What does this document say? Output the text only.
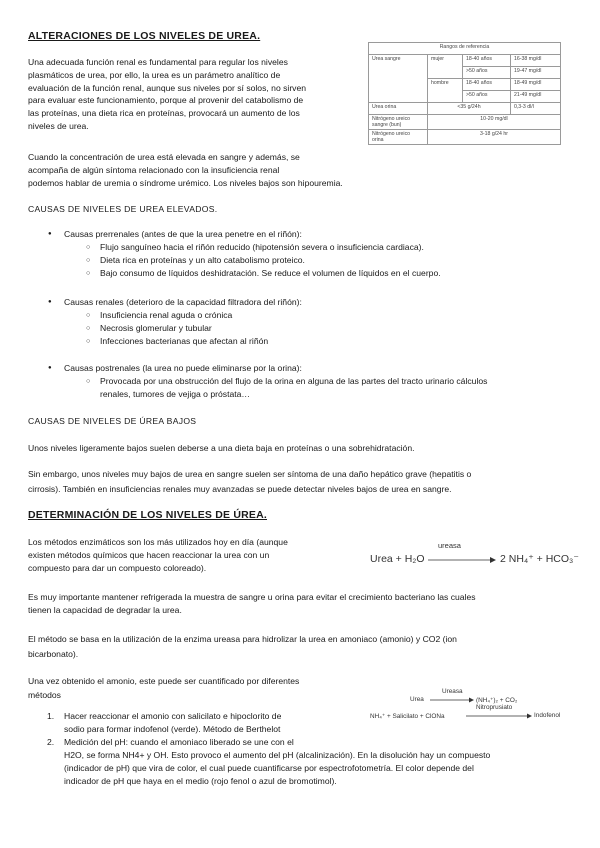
ALTERACIONES DE LOS NIVELES DE UREA.

Una adecuada función renal es fundamental para regular los niveles

plasmáticos de urea, por ello, la urea es un parámetro analítico de

evaluación de la función renal, aunque sus niveles por sí solos, no sirven

para evaluar este funcionamiento, porque al provenir del catabolismo de

las proteínas, una dieta rica en proteínas, provocará un aumento de los

niveles de urea.

Rangos de referencia			
Urea sangre	mujer	18-40 años	16-38 mg/dl
		>50 años	19-47 mg/dl
	hombre	18-40 años	18-49 mg/dl
		>50 años	21-49 mg/dl
Urea orina	<35 g/24h		0,3-3 dl/l
Nitrógeno ureico
sangre (bun)	10-20 mg/dl		
Nitrógeno ureico
orina	3-18 g/24 hr		

Cuando la concentración de urea está elevada en sangre y además, se

acompaña de algún síntoma relacionado con la insuficiencia renal

podemos hablar de uremia o síndrome urémico. Los niveles bajos son hipouremia.

CAUSAS DE NIVELES DE UREA ELEVADOS.
● Causas prerrenales (antes de que la urea penetre en el riñón):
○ Flujo sanguíneo hacia el riñón reducido (hipotensión severa o insuficiencia cardiaca).
○ Dieta rica en proteínas y un alto catabolismo proteico.
○ Bajo consumo de líquidos deshidratación. Se reduce el volumen de líquidos en el cuerpo.
● Causas renales (deterioro de la capacidad filtradora del riñón):
○ Insuficiencia renal aguda o crónica
○ Necrosis glomerular y tubular
○ Infecciones bacterianas que afectan al riñón
● Causas postrenales (la urea no puede eliminarse por la orina):
○ Provocada por una obstrucción del flujo de la orina en alguna de las partes del tracto urinario cálculos
renales, tumores de vejiga o próstata…
CAUSAS DE NIVELES DE ÚREA BAJOS
Unos niveles ligeramente bajos suelen deberse a una dieta baja en proteínas o una sobrehidratación.

Sin embargo, unos niveles muy bajos de urea en sangre suelen ser síntoma de una daño hepático grave (hepatitis o

cirrosis). También en insuficiencias renales muy avanzadas se puede detectar niveles bajos de urea en sangre.

DETERMINACIÓN DE LOS NIVELES DE ÚREA.

Los métodos enzimáticos son los más utilizados hoy en día (aunque

existen métodos químicos que hacen reaccionar la urea con un

compuesto para dar un compuesto coloreado).

ureasa
Urea + H₂O	2 NH₄⁺ + HCO₃⁻

Es muy importante mantener refrigerada la muestra de sangre u orina para evitar el crecimiento bacteriano las cuales

tienen la capacidad de degradar la urea.

El método se basa en la utilización de la enzima ureasa para hidrolizar la urea en amoniaco (amonio) y CO2 (ion

bicarbonato).

Una vez obtenido el amonio, este puede ser cuantificado por diferentes

métodos	Urea
Ureasa
(NH₄⁺)₂ + CO₂
NH₄⁺ + Salicilato + ClONa
Nitroprusiato
Indofenol
1. Hacer reaccionar el amonio con salicilato e hipoclorito de
sodio para formar indofenol (verde). Método de Berthelot
2. Medición del pH: cuando el amoniaco liberado se une con el
H2O, se forma NH4+ y OH. Esto provoco el aumento del pH (alcalinización). En la disolución hay un compuesto
(indicador de pH) que vira de color, el cual puede cuantificarse por espectrofotometría. El color depende del
indicador de pH que haya en el medio (rojo fenol o azul de bromotimol).
